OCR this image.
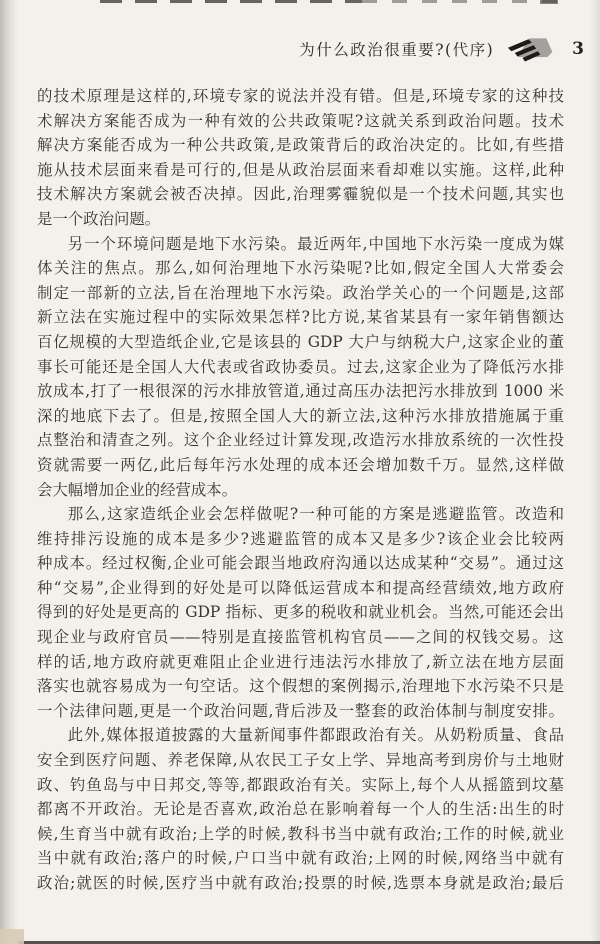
为什么政治很重要?(代序)	3
的技术原理是这样的,环境专家的说法并没有错。但是,环境专家的这种技
术解决方案能否成为一种有效的公共政策呢?这就关系到政治问题。技术
解决方案能否成为一种公共政策,是政策背后的政治决定的。比如,有些措
施从技术层面来看是可行的,但是从政治层面来看却难以实施。这样,此种
技术解决方案就会被否决掉。因此,治理雾霾貌似是一个技术问题,其实也
是一个政治问题。
另一个环境问题是地下水污染。最近两年,中国地下水污染一度成为媒
体关注的焦点。那么,如何治理地下水污染呢?比如,假定全国人大常委会
制定一部新的立法,旨在治理地下水污染。政治学关心的一个问题是,这部
新立法在实施过程中的实际效果怎样?比方说,某省某县有一家年销售额达
百亿规模的大型造纸企业,它是该县的 GDP 大户与纳税大户,这家企业的董
事长可能还是全国人大代表或省政协委员。过去,这家企业为了降低污水排
放成本,打了一根很深的污水排放管道,通过高压办法把污水排放到 1000 米
深的地底下去了。但是,按照全国人大的新立法,这种污水排放措施属于重
点整治和清查之列。这个企业经过计算发现,改造污水排放系统的一次性投
资就需要一两亿,此后每年污水处理的成本还会增加数千万。显然,这样做
会大幅增加企业的经营成本。
那么,这家造纸企业会怎样做呢?一种可能的方案是逃避监管。改造和
维持排污设施的成本是多少?逃避监管的成本又是多少?该企业会比较两
种成本。经过权衡,企业可能会跟当地政府沟通以达成某种“交易”。通过这
种“交易”,企业得到的好处是可以降低运营成本和提高经营绩效,地方政府
得到的好处是更高的 GDP 指标、更多的税收和就业机会。当然,可能还会出
现企业与政府官员——特别是直接监管机构官员——之间的权钱交易。这
样的话,地方政府就更难阻止企业进行违法污水排放了,新立法在地方层面
落实也就容易成为一句空话。这个假想的案例揭示,治理地下水污染不只是
一个法律问题,更是一个政治问题,背后涉及一整套的政治体制与制度安排。
此外,媒体报道披露的大量新闻事件都跟政治有关。从奶粉质量、食品
安全到医疗问题、养老保障,从农民工子女上学、异地高考到房价与土地财
政、钓鱼岛与中日邦交,等等,都跟政治有关。实际上,每个人从摇篮到坟墓
都离不开政治。无论是否喜欢,政治总在影响着每一个人的生活:出生的时
候,生育当中就有政治;上学的时候,教科书当中就有政治;工作的时候,就业
当中就有政治;落户的时候,户口当中就有政治;上网的时候,网络当中就有
政治;就医的时候,医疗当中就有政治;投票的时候,选票本身就是政治;最后
